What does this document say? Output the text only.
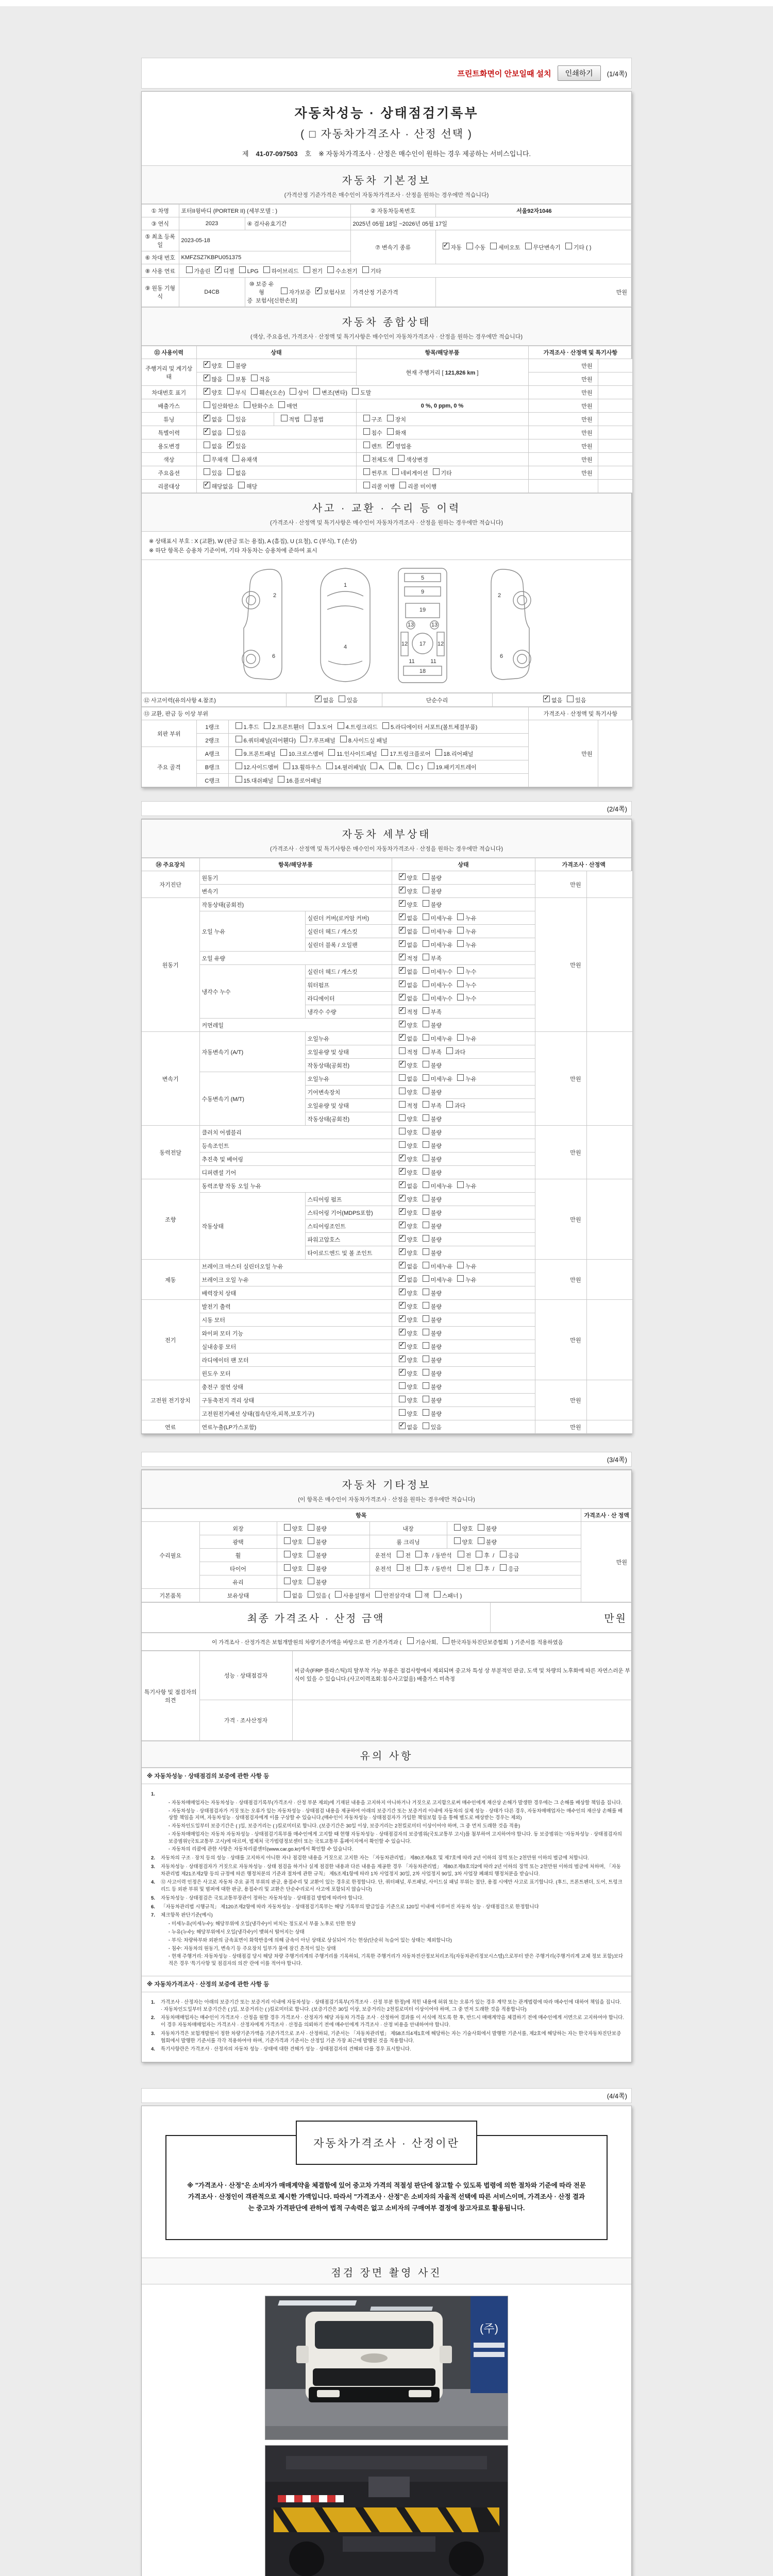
프린트화면이 안보일때 설치	인쇄하기	(1/4쪽)
자동차성능 · 상태점검기록부
( □ 자동차가격조사 · 산정 선택 )
제 41-07-097503 호 ※ 자동차가격조사 · 산정은 매수인이 원하는 경우 제공하는 서비스입니다.
자동차 기본정보
(가격산정 기준가격은 매수인이 자동차가격조사 · 산정을 원하는 경우에만 적습니다)
① 차명	포터II윙바디 (PORTER II) (세부모델 : )		② 자동차등록번호	서울92자1046
③ 연식	2023	④ 검사유효기간	2025년 05월 18일 ~2026년 05월 17일	
⑤ 최초 등록일	2023-05-18		⑦ 변속기 종류	✓자동 수동 세미오토 무단변속기 기타 ( )
⑥ 차대 번호	KMFZSZ7KBPU051375			
⑧ 사용 연료	가솔린 ✓ 디젤 LPG 하이브리드 전기 수소전기 기타
⑨ 원동 기형식	D4CB	⑩ 보증 유형 자가보증 ✓ 보험사보증 보험사[신한손보]	가격산정 기준가격	만원
자동차 종합상태
(색상, 주요옵션, 가격조사 · 산정액 및 특기사항은 매수인이 자동차가격조사 · 산정을 원하는 경우에만 적습니다)
⑪ 사용이력	상태		항목/해당부품	가격조사 · 산정액 및 특기사항	
주행거리 및 계기상태	✓양호 불량		현재 주행거리 [ 121,826 km ]	만원	
✓많음 보통 적음			만원	
차대번호 표기	✓양호 부식 훼손(오손) 상이 변조(변타) 도말			만원	
배출가스	일산화탄소 탄화수소 매연		0 %, 0 ppm, 0 %	만원	
튜닝	✓없음 있음	적법 불법	구조 장치	만원	
특별이력	✓없음 있음		침수 화재	만원	
용도변경	없음 ✓ 있음		렌트 ✓ 영업용	만원	
색상	무채색 유채색		전체도색 색상변경	만원	
주요옵션	있음 없음		썬루프 네비게이션 기타	만원	
리콜대상	✓해당없음 해당		리콜 이행 리콜 미이행		
사고 · 교환 · 수리 등 이력
(가격조사 · 산정액 및 특기사항은 매수인이 자동차가격조사 · 산정을 원하는 경우에만 적습니다)
※ 상태표시 부호 : X (교환), W (판금 또는 용접), A (흠집), U (요철), C (부식), T (손상)
※ 하단 항목은 승용차 기준이며, 기타 자동차는 승용차에 준하여 표시
2
6
1
4
5
9
19
13	13
12 17 12
18
11	11
2
6
⑫ 사고이력(유의사항 4.참조)	✓없음 있음	단순수리	✓없음 있음
⑬ 교환, 판금 등 이상 부위			가격조사 · 산정액 및 특기사항	
외판 부위	1랭크	1.후드 2.프론트휀더 3.도어 4.트렁크리드 5.라디에이터 서포트(볼트체결부품)	만원	
	2랭크	6.쿼터패널(리어휀다) 7.루프패널 8.사이드실 패널		
주요 골격	A랭크	9.프론트패널 10.크로스멤버 11.인사이드패널 17.트렁크플로어 18.리어패널		
	B랭크	12.사이드멤버 13.휠하우스 14.필러패널( A, B, C ) 19.패키지트레이		
	C랭크	15.대쉬패널 16.플로어패널		
(2/4쪽)
자동차 세부상태
(가격조사 · 산정액 및 특기사항은 매수인이 자동차가격조사 · 산정을 원하는 경우에만 적습니다)
⑭ 주요장치	항목/해당부품		상태	가격조사 · 산정액	
자기진단	원동기	✓양호 불량	만원	
	변속기	✓양호 불량
원동기	작동상태(공회전)	✓양호 불량	만원	
	오일 누유	실린더 커버(로커암 커버)	✓없음 미세누유 누유
		실린더 헤드 / 개스킷	✓없음 미세누유 누유
		실린더 블록 / 오일팬	✓없음 미세누유 누유
	오일 유량	✓적정 부족
	냉각수 누수	실린더 헤드 / 개스킷	✓없음 미세누수 누수
		워터펌프	✓없음 미세누수 누수
		라디에이터	✓없음 미세누수 누수
		냉각수 수량	✓적정 부족
	커먼레일	✓양호 불량
변속기	자동변속기 (A/T)	오일누유	✓없음 미세누유 누유	만원	
		오일유량 및 상태	적정 부족 과다		
		작동상태(공회전)	✓양호 불량
	수동변속기 (M/T)	오일누유	없음 미세누유 누유		
		기어변속장치	양호 불량		
		오일유량 및 상태	적정 부족 과다		
		작동상태(공회전)	양호 불량		
동력전달	클러치 어셈블리		양호 불량	만원	
	등속조인트		양호 불량		
	추진축 및 베어링	✓양호 불량
	디퍼렌셜 기어	✓양호 불량
조향	동력조향 작동 오일 누유	✓없음 미세누유 누유	만원	
	작동상태	스티어링 펌프	✓양호 불량
		스티어링 기어(MDPS포함)	✓양호 불량
		스티어링조인트	✓양호 불량
		파워고압호스	✓양호 불량
		타이로드엔드 및 볼 조인트	✓양호 불량
제동	브레이크 마스터 실린더오일 누유	✓없음 미세누유 누유	만원	
	브레이크 오일 누유	✓없음 미세누유 누유
	배력장치 상태	✓양호 불량
전기	발전기 출력	✓양호 불량	만원	
	시동 모터	✓양호 불량
	와이퍼 모터 기능	✓양호 불량
	실내송풍 모터	✓양호 불량
	라디에이터 팬 모터	✓양호 불량
	윈도우 모터	✓양호 불량
고전원 전기장치	충전구 절연 상태		양호 불량	만원	
	구동축전지 격리 상태		양호 불량		
	고전원전기배선 상태(접속단자,피복,보호기구)		양호 불량		
연료	연료누출(LP가스포함)	✓없음 있음	만원	
(3/4쪽)
자동차 기타정보
(이 항목은 매수인이 자동차가격조사 · 산정을 원하는 경우에만 적습니다)
항목					가격조사 · 산 정액
수리필요	외장	양호 불량	내장	양호 불량	만원
	광택	양호 불량	룸 크리닝	양호 불량	
	휠	양호 불량	운전석 전 후 / 동반석 전 후 / 응급		
	타이어	양호 불량	운전석 전 후 / 동반석 전 후 / 응급		
	유리	양호 불량			
기본품목	보유상태	없음 있음 ( 사용설명서 안전삼각대 잭 스패너 )			
최종 가격조사 · 산정 금액	만원
이 가격조사 · 산정가격은 보험개발원의 차량기준가액을 바탕으로 한 기준가격과 (	기술사회, 한국자동차진단보증협회 ) 기준서를 적용하였음
특기사항 및 점검자의 의견	성능 · 상태점검자	비금속(FRP 플라스틱)의 탈부착 가능 부품은 점검사항에서 제외되며 중고차 특성 상 부분적인 판금, 도색 및 차량의 노후화에 따른 자연스러운 부식이 있을 수 있습니다.(사고이력조회:침수사고없음) 배출가스 미측정
	가격 · 조사산정자	
유의 사항
※ 자동차성능 · 상태점검의 보증에 관한 사항 등
1.
· 자동차매매업자는 자동차성능 · 상태점검기록부(가격조사 · 산정 부분 제외)에 기재된 내용을 고지하지 아니하거나 거짓으로 고지함으로써 매수인에게 재산상 손해가 발생한 경우에는 그 손해를 배상할 책임을 집니다.
· 자동차성능 · 상태점검자가 거짓 또는 오류가 있는 자동차성능 · 상태점검 내용을 제공하여 아래의 보증기간 또는 보증거리 이내에 자동차의 실제 성능 · 상태가 다른 경우, 자동차매매업자는 매수인의 재산상 손해를 배상할 책임을 지며, 자동차성능 · 상태점검자에게 이를 구상할 수 있습니다.(매수인이 자동차성능 · 상태점검자가 가입한 책임보험 등을 통해 별도로 배상받는 경우는 제외)
· 자동차인도일부터 보증기간은 ( )일, 보증거리는 ( )킬로미터로 합니다. (보증기간은 30일 이상, 보증거리는 2천킬로미터 이상이어야 하며, 그 중 먼저 도래한 것을 적용)
· 자동차매매업자는 자동차 자동차성능 · 상태점검기록부를 매수인에게 고지할 때 현행 자동차성능 · 상태점검자의 보증범위(국토교통부 고시)를 첨부하여 고지하여야 합니다. 동 보증범위는 '자동차성능 · 상태점검자의 보증범위'(국토교통부 고시)에 따르며, 법제처 국가법령정보센터 또는 국토교통부 홈페이지에서 확인할 수 있습니다.
· 자동차의 리콜에 관한 사항은 자동차리콜센터(www.car.go.kr)에서 확인할 수 있습니다.
2.	자동차의 구조 · 장치 등의 성능 · 상태를 고지하지 아니한 자나 점검한 내용을 거짓으로 고지한 자는 「자동차관리법」 제80조제6호 및 제7호에 따라 2년 이하의 징역 또는 2천만원 이하의 벌금에 처합니다.
3.	자동차성능 · 상태점검자가 거짓으로 자동차성능 · 상태 점검을 하거나 실제 점검한 내용과 다른 내용을 제공한 경우 「자동차관리법」 제80조제9호의2에 따라 2년 이하의 징역 또는 2천만원 이하의 벌금에 처하며, 「자동차관리법 제21조제2항 등의 규정에 따른 행정처분의 기준과 절차에 관한 규칙」 제5조제1항에 따라 1차 사업정지 30일, 2차 사업정지 90일, 3차 사업장 폐쇄의 행정처분을 받습니다.
4.	⑫ 사고이력 인정은 사고로 자동차 주요 골격 부위의 판금, 용접수리 및 교환이 있는 경우로 한정합니다. 단, 쿼터패널, 루프패널, 사이드실 패널 부위는 절단, 용접 시에만 사고로 표기합니다. (후드, 프론트펜더, 도어, 트렁크리드 등 외판 부위 및 범퍼에 대한 판금, 용접수리 및 교환은 단순수리로서 사고에 포함되지 않습니다)
5.	자동차성능 · 상태점검은 국토교통부장관이 정하는 자동차성능 · 상태점검 방법에 따라야 합니다.
6.	「자동차관리법 시행규칙」 제120조제2항에 따라 자동차성능 · 상태점검기록부는 해당 기록부의 발급일을 기준으로 120일 이내에 이루어진 자동차 성능 · 상태점검으로 한정합니다
7.	체크항목 판단기준(예시)
· 미세누유(미세누수): 해당부위에 오일(냉각수)이 비치는 정도로서 부품 노후로 인한 현상
· 누유(누수): 해당부위에서 오일(냉각수)이 맺혀서 떨어지는 상태
· 부식: 차량하부와 외판의 금속표면이 화학반응에 의해 금속이 아닌 상태로 상실되어 가는 현상(단순히 녹슬어 있는 상태는 제외합니다)
· 침수: 자동차의 원동기, 변속기 등 주요장치 일부가 물에 잠긴 흔적이 있는 상태
· 현재 주행거리: 자동차성능 · 상태점검 당시 해당 차량 주행거리계의 주행거리를 기록하되, 기록한 주행거리가 자동차전산정보처리조직(자동차관리정보시스템)으로부터 받은 주행거리(주행거리계 교체 정보 포함)보다 적은 경우 '특기사항 및 점검자의 의견' 란에 이를 적어야 합니다.
※ 자동차가격조사 · 산정의 보증에 관한 사항 등
1.	가격조사 · 산정자는 아래의 보증기간 또는 보증거리 이내에 자동차성능 · 상태점검기록부(가격조사 · 산정 부분 한정)에 적힌 내용에 허위 또는 오류가 있는 경우 계약 또는 관계법령에 따라 매수인에 대하여 책임을 집니다. · 자동차인도일부터 보증기간은 ( )일, 보증거리는 ( )킬로미터로 합니다. (보증기간은 30일 이상, 보증거리는 2천킬로미터 이상이어야 하며, 그 중 먼저 도래한 것을 적용합니다)
2.	자동차매매업자는 매수인이 가격조사 · 산정을 원할 경우 가격조사 · 산정자가 해당 자동차 가격을 조사 · 산정하여 결과를 이 서식에 적도록 한 후, 반드시 매매계약을 체결하기 전에 매수인에게 서면으로 고지하여야 합니다. 이 경우 자동차매매업자는 가격조사 · 산정자에게 가격조사 · 산정을 의뢰하기 전에 매수인에게 가격조사 · 산정 비용을 안내하여야 합니다.
3.	자동차가격은 보험개발원이 정한 차량기준가액을 기준가격으로 조사 · 산정하되, 기준서는 「자동차관리법」 제58조의4제1호에 해당하는 자는 기술사회에서 발행한 기준서를, 제2호에 해당하는 자는 한국자동차진단보증협회에서 발행한 기준서를 각각 적용하여야 하며, 기준가격과 기준서는 산정일 기준 가장 최근에 발행된 것을 적용합니다.
4.	특기사항란은 가격조사 · 산정자의 자동차 성능 · 상태에 대한 견해가 성능 · 상태점검자의 견해와 다를 경우 표시합니다.
(4/4쪽)
자동차가격조사 · 산정이란
※ "가격조사 · 산정"은 소비자가 매매계약을 체결함에 있어 중고차 가격의 적절성 판단에 참고할 수 있도록 법령에 의한 절차와 기준에 따라 전문 가격조사 · 산정인이 객관적으로 제시한 가액입니다. 따라서 "가격조사 · 산정"은 소비자의 자율적 선택에 따른 서비스이며, 가격조사 · 산정 결과는 중고차 가격판단에 관하여 법적 구속력은 없고 소비자의 구매여부 결정에 참고자료로 활용됩니다.
점검 장면 촬영 사진
(주)
